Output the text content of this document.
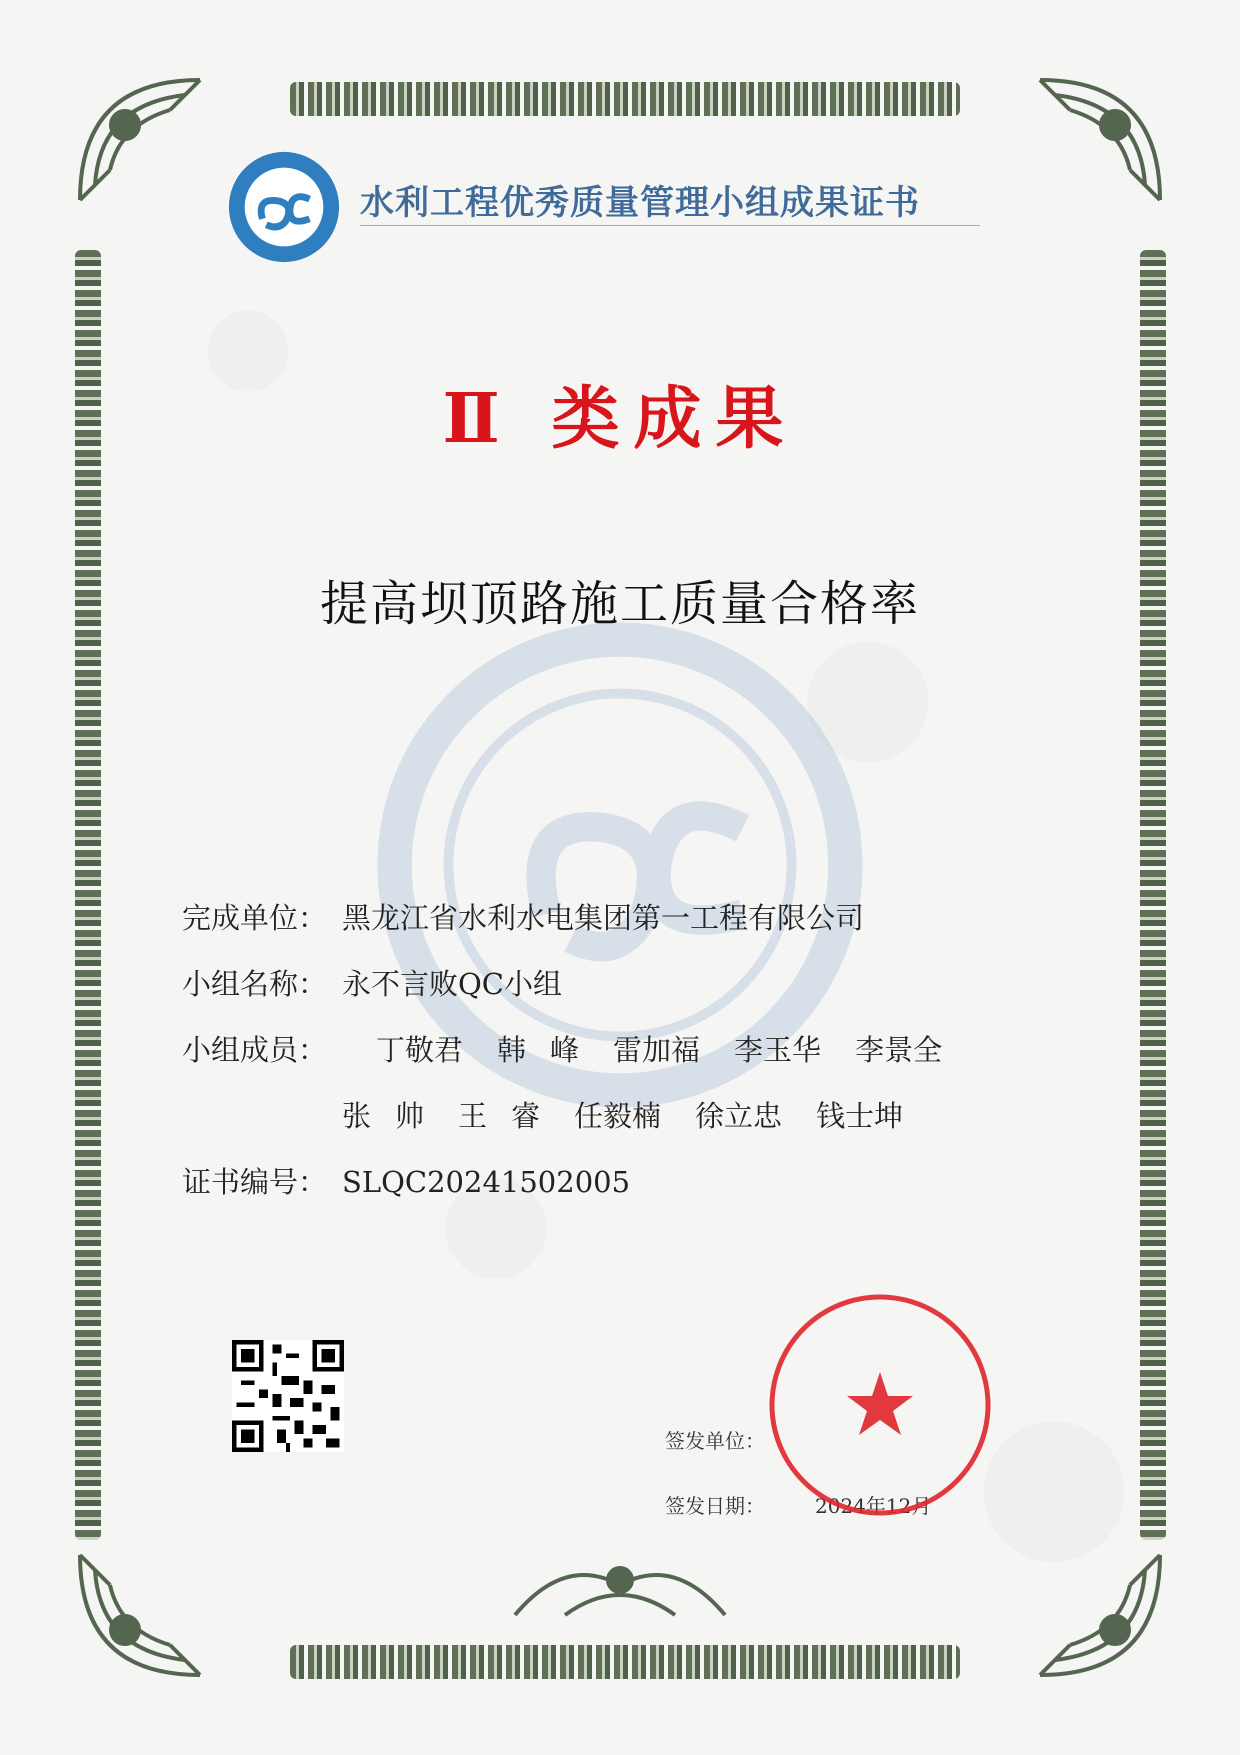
水利工程优秀质量管理小组成果证书
Ⅱ 类成果
提高坝顶路施工质量合格率
完成单位： 黑龙江省水利水电集团第一工程有限公司
小组名称： 永不言败QC小组
小组成员： 丁敬君 韩峰 雷加福 李玉华 李景全
张帅 王睿 任毅楠 徐立忠 钱士坤
证书编号： SLQC20241502005
签发单位：
签发日期：	2024年12月
